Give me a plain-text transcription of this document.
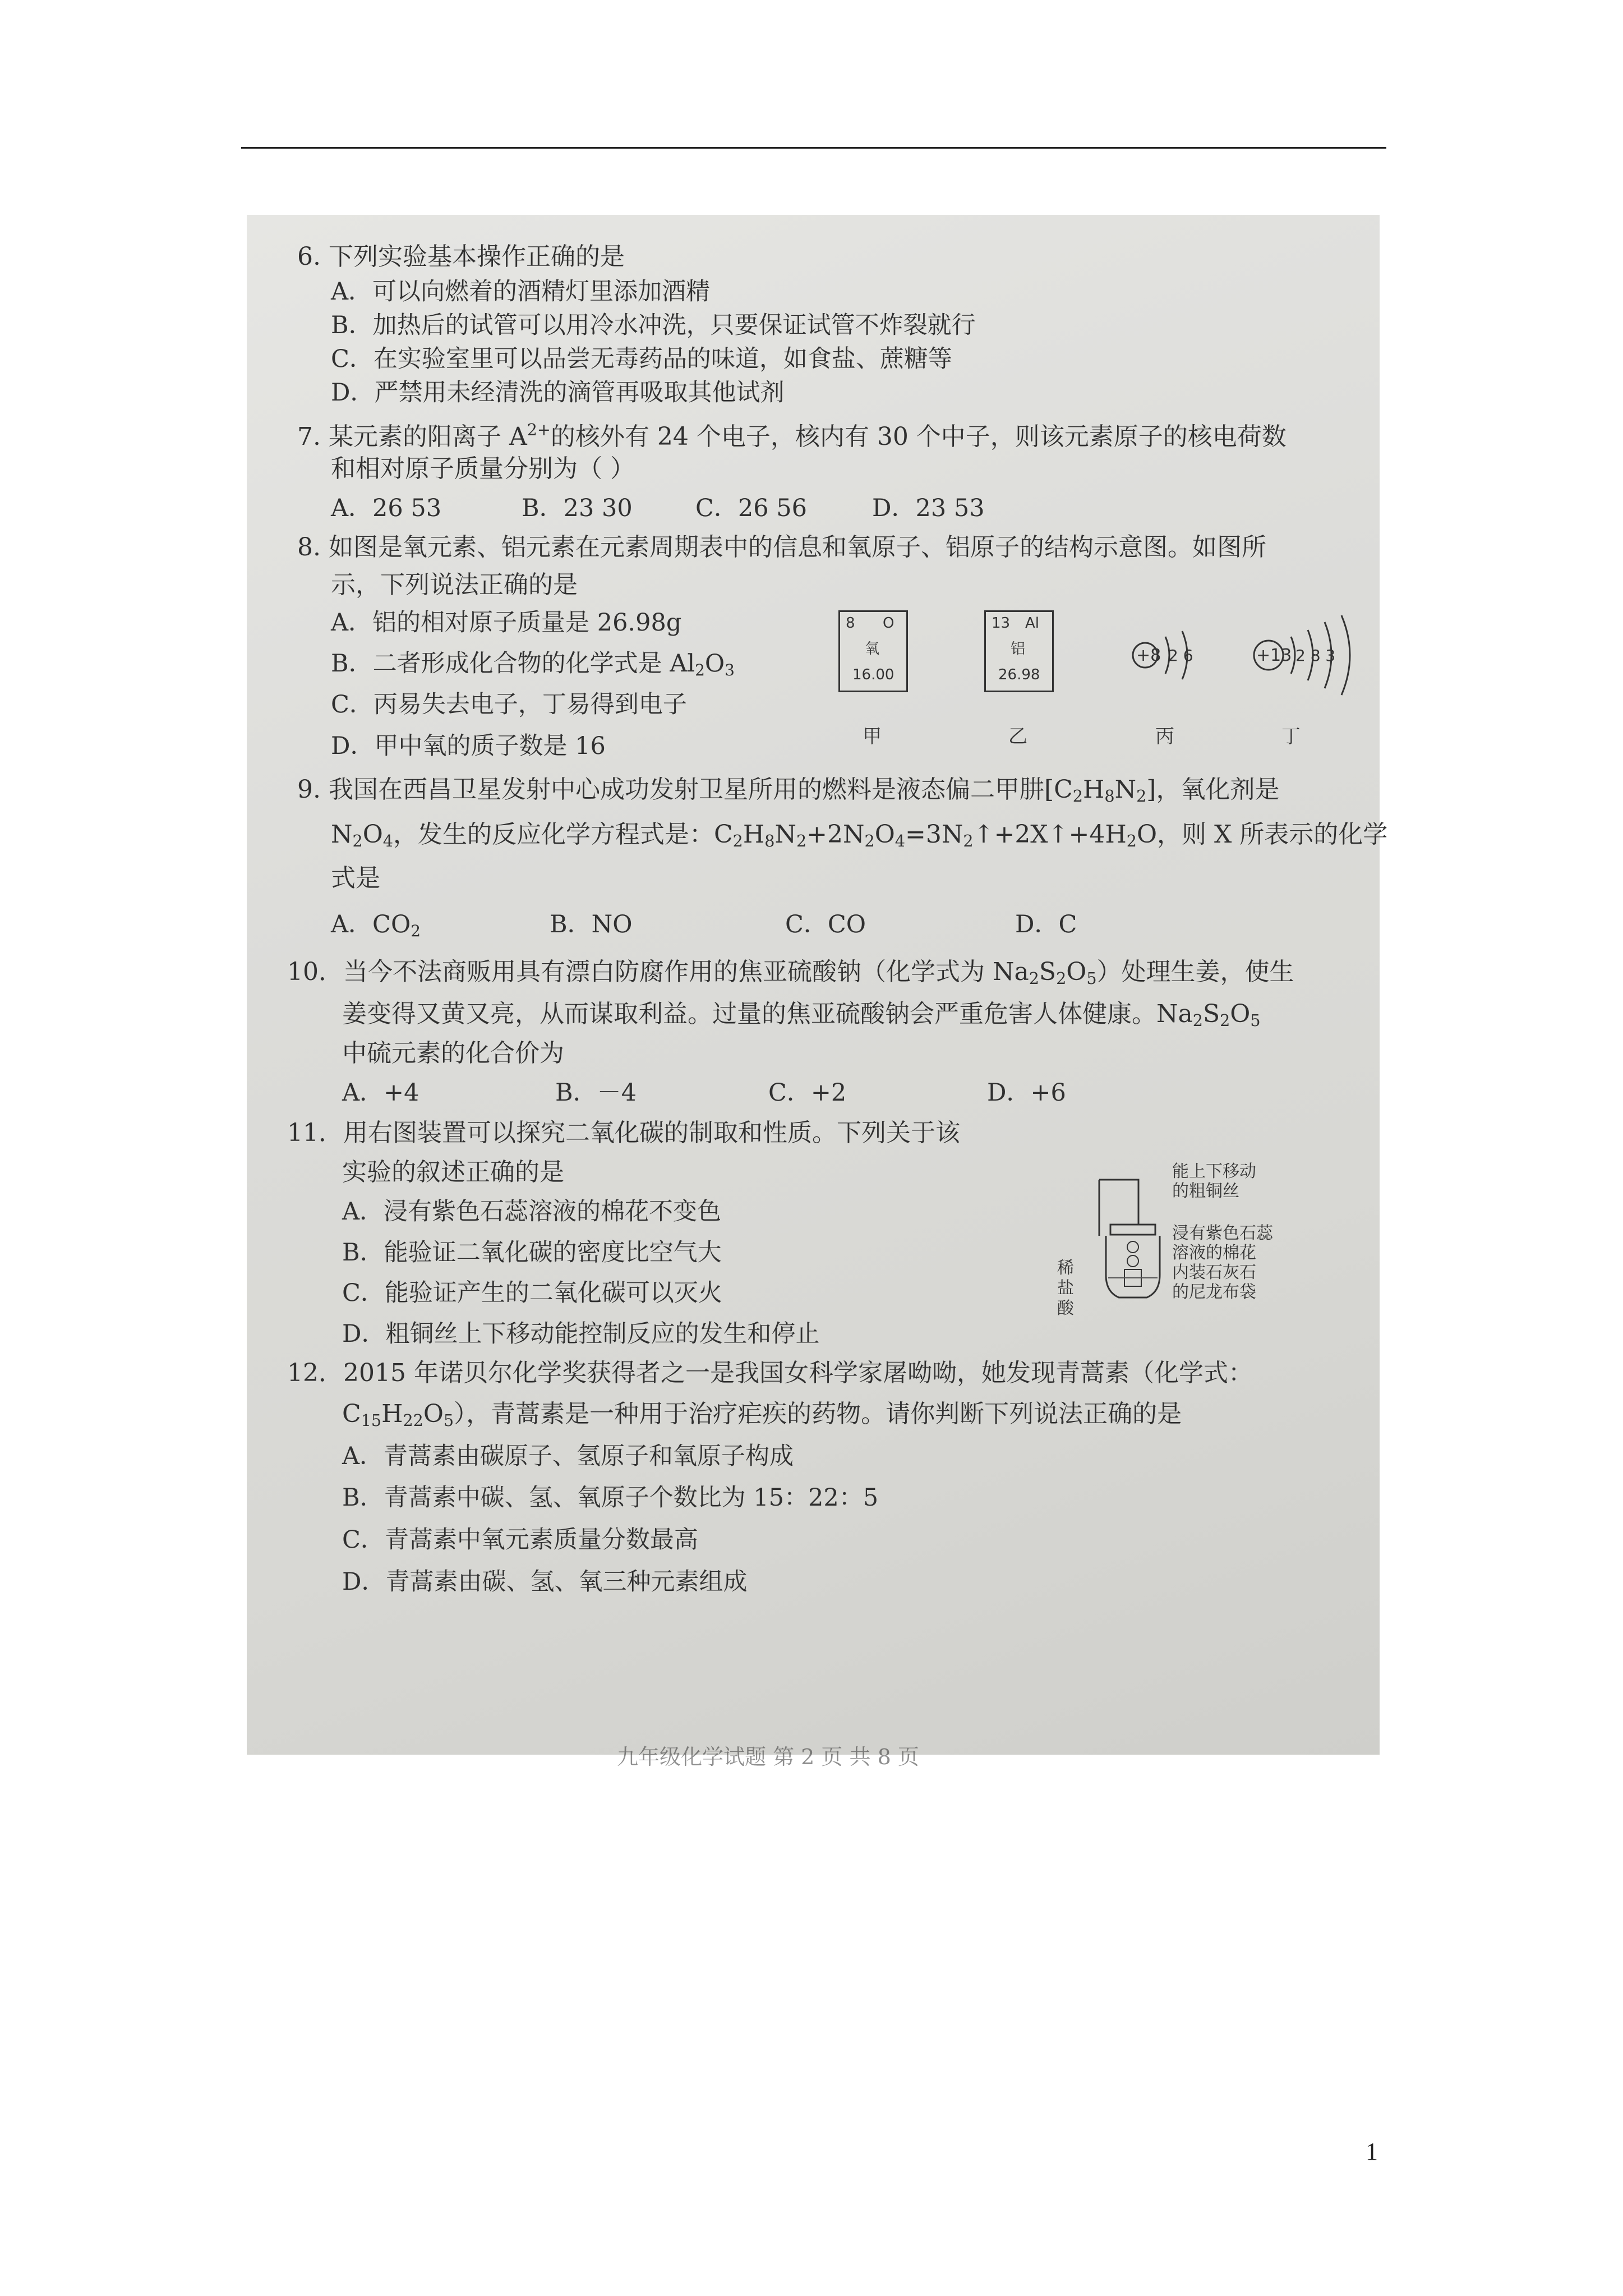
6. 下列实验基本操作正确的是
A．可以向燃着的酒精灯里添加酒精
B．加热后的试管可以用冷水冲洗，只要保证试管不炸裂就行
C．在实验室里可以品尝无毒药品的味道，如食盐、蔗糖等
D．严禁用未经清洗的滴管再吸取其他试剂
7. 某元素的阳离子 $A^{2+}$的核外有 24 个电子，核内有 30 个中子，则该元素原子的核电荷数
和相对原子质量分别为（ ）
A．26 53	B．23 30	C．26 56	D．23 53
8. 如图是氧元素、铝元素在元素周期表中的信息和氧原子、铝原子的结构示意图。如图所
示，下列说法正确的是
A．铝的相对原子质量是 26.98g
B．二者形成化合物的化学式是 $Al_2O_3$
C．丙易失去电子，丁易得到电子
D．甲中氧的质子数是 16
8 O
氧
16.00
13 Al
铝
26.98
+8 2 6	+13 2 8 3
甲	乙	丙	丁
9. 我国在西昌卫星发射中心成功发射卫星所用的燃料是液态偏二甲肼$[C_2H_8N_2]$，氧化剂是
$N_2O_4$，发生的反应化学方程式是：$C_2H_8N_2+2N_2O_4=3N_2↑+2X↑+4H_2O$，则 X 所表示的化学
式是
A．$CO_2$	B．NO	C．CO	D．C
10．当今不法商贩用具有漂白防腐作用的焦亚硫酸钠（化学式为 $Na_2S_2O_5$）处理生姜，使生
姜变得又黄又亮，从而谋取利益。过量的焦亚硫酸钠会严重危害人体健康。$Na_2S_2O_5$
中硫元素的化合价为
A．+4	B．－4	C．+2	D．+6
11．用右图装置可以探究二氧化碳的制取和性质。下列关于该
实验的叙述正确的是
A．浸有紫色石蕊溶液的棉花不变色
B．能验证二氧化碳的密度比空气大
C．能验证产生的二氧化碳可以灭火
D．粗铜丝上下移动能控制反应的发生和停止
能上下移动
的粗铜丝
浸有紫色石蕊
溶液的棉花
内装石灰石
的尼龙布袋
稀盐酸
12．2015 年诺贝尔化学奖获得者之一是我国女科学家屠呦呦，她发现青蒿素（化学式：
$C_{15}H_{22}O_5$），青蒿素是一种用于治疗疟疾的药物。请你判断下列说法正确的是
A．青蒿素由碳原子、氢原子和氧原子构成
B．青蒿素中碳、氢、氧原子个数比为 15：22：5
C．青蒿素中氧元素质量分数最高
D．青蒿素由碳、氢、氧三种元素组成
九年级化学试题 第 2 页 共 8 页
1
